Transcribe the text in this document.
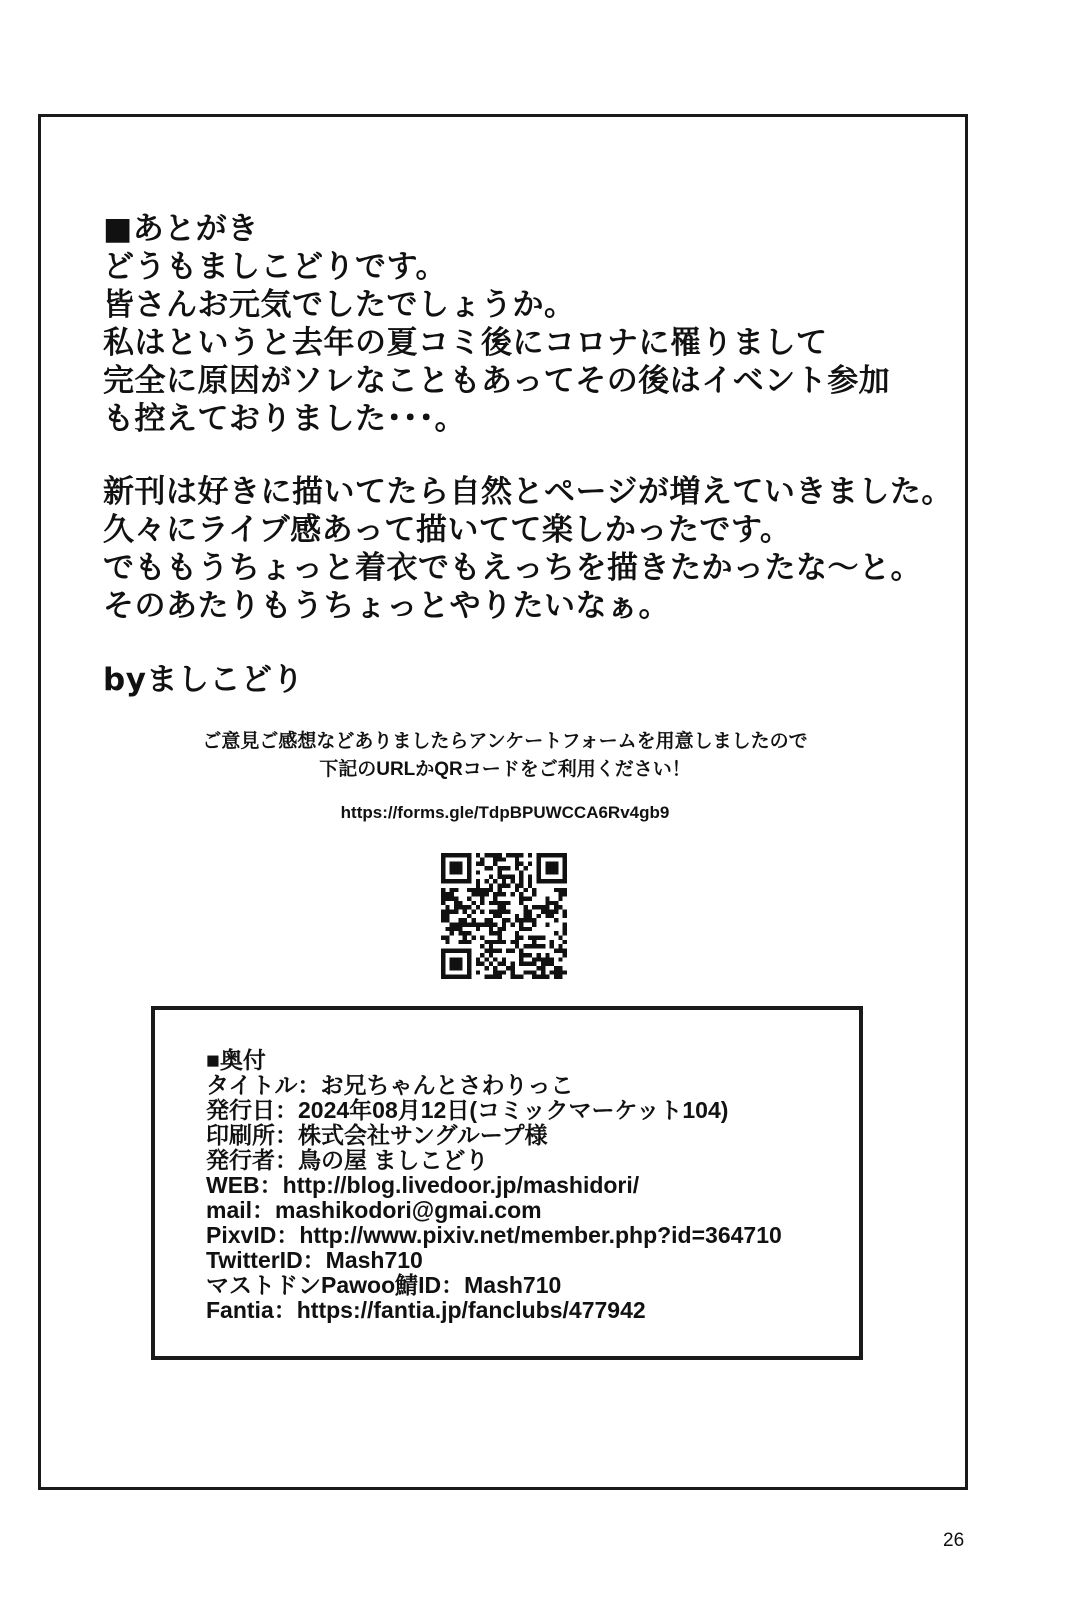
■あとがき
どうもましこどりです。
皆さんお元気でしたでしょうか。
私はというと去年の夏コミ後にコロナに罹りまして
完全に原因がソレなこともあってその後はイベント参加
も控えておりました･･･。
新刊は好きに描いてたら自然とページが増えていきました。
久々にライブ感あって描いてて楽しかったです。
でももうちょっと着衣でもえっちを描きたかったな～と。
そのあたりもうちょっとやりたいなぁ。
byましこどり
ご意見ご感想などありましたらアンケートフォームを用意しましたので
下記のURLかQRコードをご利用ください！
https://forms.gle/TdpBPUWCCA6Rv4gb9
■奥付
タイトル：お兄ちゃんとさわりっこ
発行日：2024年08月12日(コミックマーケット104)
印刷所：株式会社サングループ様
発行者：鳥の屋 ましこどり
WEB：http://blog.livedoor.jp/mashidori/
mail：mashikodori@gmai.com
PixvID：http://www.pixiv.net/member.php?id=364710
TwitterID：Mash710
マストドンPawoo鯖ID：Mash710
Fantia：https://fantia.jp/fanclubs/477942
26
